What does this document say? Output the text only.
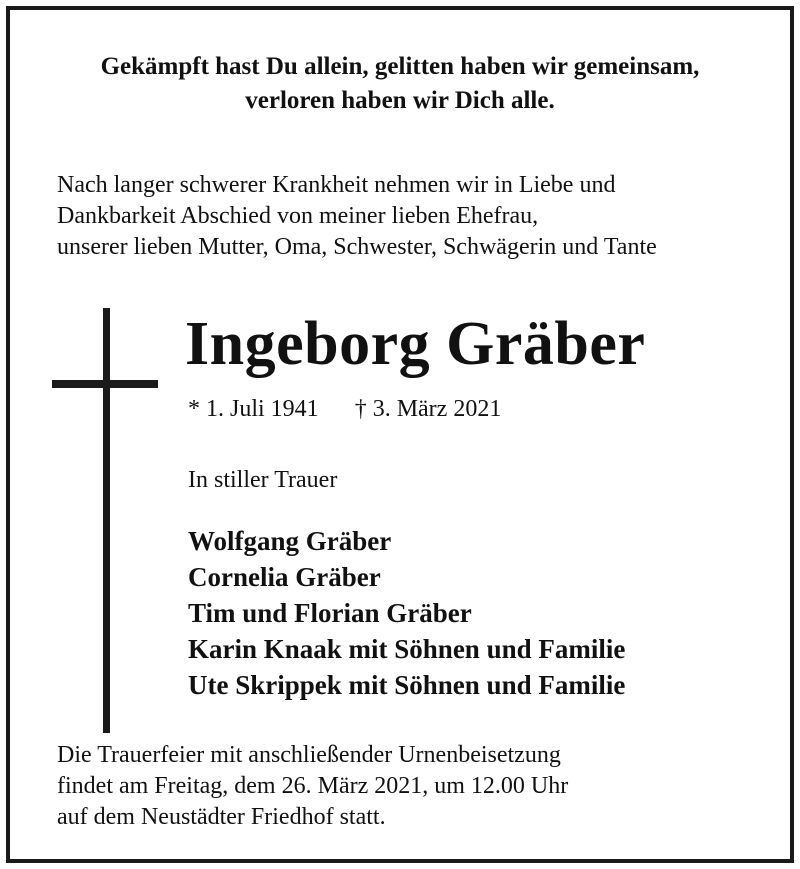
Gekämpft hast Du allein, gelitten haben wir gemeinsam,
verloren haben wir Dich alle.
Nach langer schwerer Krankheit nehmen wir in Liebe und
Dankbarkeit Abschied von meiner lieben Ehefrau,
unserer lieben Mutter, Oma, Schwester, Schwägerin und Tante
Ingeborg Gräber
* 1. Juli 1941 † 3. März 2021
In stiller Trauer
Wolfgang Gräber
Cornelia Gräber
Tim und Florian Gräber
Karin Knaak mit Söhnen und Familie
Ute Skrippek mit Söhnen und Familie
Die Trauerfeier mit anschließender Urnenbeisetzung
findet am Freitag, dem 26. März 2021, um 12.00 Uhr
auf dem Neustädter Friedhof statt.
